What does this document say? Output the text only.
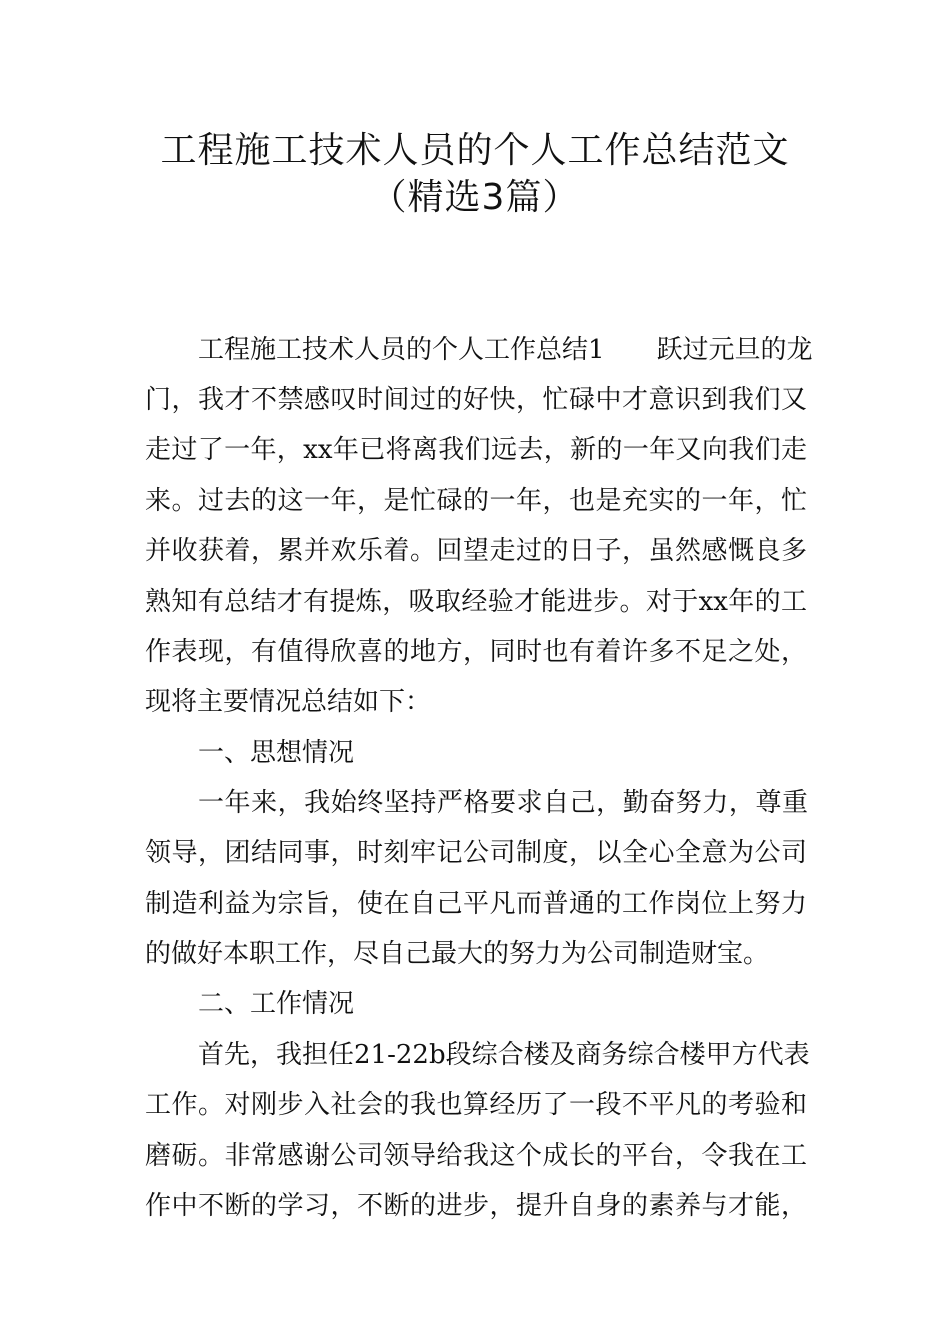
工程施工技术人员的个人工作总结范文
（精选3篇）
工程施工技术人员的个人工作总结1　　跃过元旦的龙
门，我才不禁感叹时间过的好快，忙碌中才意识到我们又
走过了一年，xx年已将离我们远去，新的一年又向我们走
来。过去的这一年，是忙碌的一年，也是充实的一年，忙
并收获着，累并欢乐着。回望走过的日子，虽然感慨良多
熟知有总结才有提炼，吸取经验才能进步。对于xx年的工
作表现，有值得欣喜的地方，同时也有着许多不足之处，
现将主要情况总结如下：
一、思想情况
一年来，我始终坚持严格要求自己，勤奋努力，尊重
领导，团结同事，时刻牢记公司制度，以全心全意为公司
制造利益为宗旨，使在自己平凡而普通的工作岗位上努力
的做好本职工作，尽自己最大的努力为公司制造财宝。
二、工作情况
首先，我担任21-22b段综合楼及商务综合楼甲方代表
工作。对刚步入社会的我也算经历了一段不平凡的考验和
磨砺。非常感谢公司领导给我这个成长的平台，令我在工
作中不断的学习，不断的进步，提升自身的素养与才能，
